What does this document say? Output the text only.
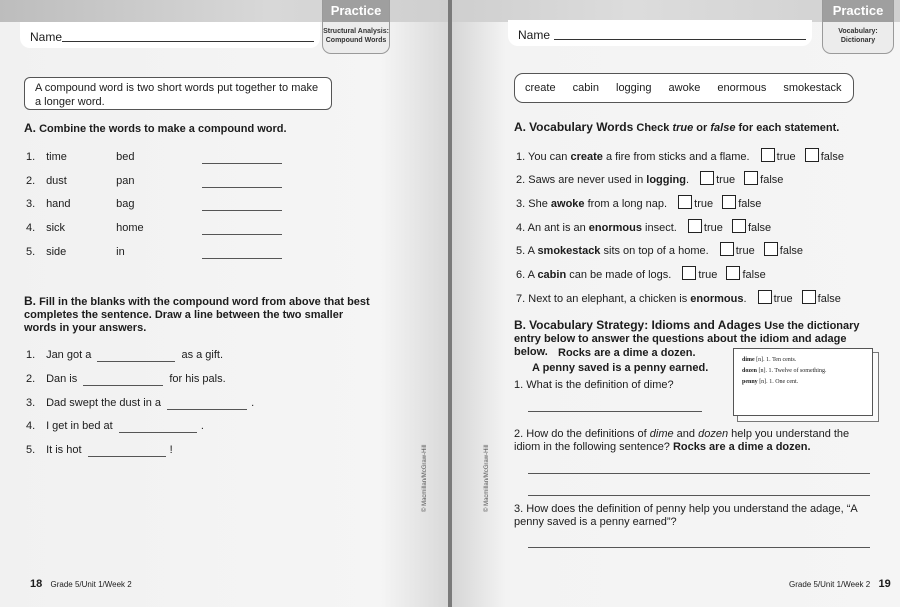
Name
Practice
Structural Analysis: Compound Words
A compound word is two short words put together to make a longer word.
A. Combine the words to make a compound word.
1. time	bed
2. dust	pan
3. hand	bag
4. sick	home
5. side	in
B. Fill in the blanks with the compound word from above that best completes the sentence. Draw a line between the two smaller words in your answers.
1. Jan got a	as a gift.
2. Dan is	for his pals.
3. Dad swept the dust in a	.
4. I get in bed at	.
5. It is hot	!	© Macmillan/McGraw-Hill
18 Grade 5/Unit 1/Week 2
Name
Practice
Vocabulary: Dictionary
create cabin logging awoke enormous smokestack
A. Vocabulary Words Check true or false for each statement.
1. You can create a fire from sticks and a flame. true false
2. Saws are never used in logging. true false
3. She awoke from a long nap. true false
4. An ant is an enormous insect. true false
5. A smokestack sits on top of a home. true false
6. A cabin can be made of logs. true false
7. Next to an elephant, a chicken is enormous. true false
B. Vocabulary Strategy: Idioms and Adages Use the dictionary entry below to answer the questions about the idiom and adage below. Rocks are a dime a dozen.
A penny saved is a penny earned.
dime [n]. 1. Ten cents.
dozen [n]. 1. Twelve of something.
penny [n]. 1. One cent.
1. What is the definition of dime?
2. How do the definitions of dime and dozen help you understand the idiom in the following sentence? Rocks are a dime a dozen.
3. How does the definition of penny help you understand the adage, “A penny saved is a penny earned”?
© Macmillan/McGraw-Hill
Grade 5/Unit 1/Week 2 19
